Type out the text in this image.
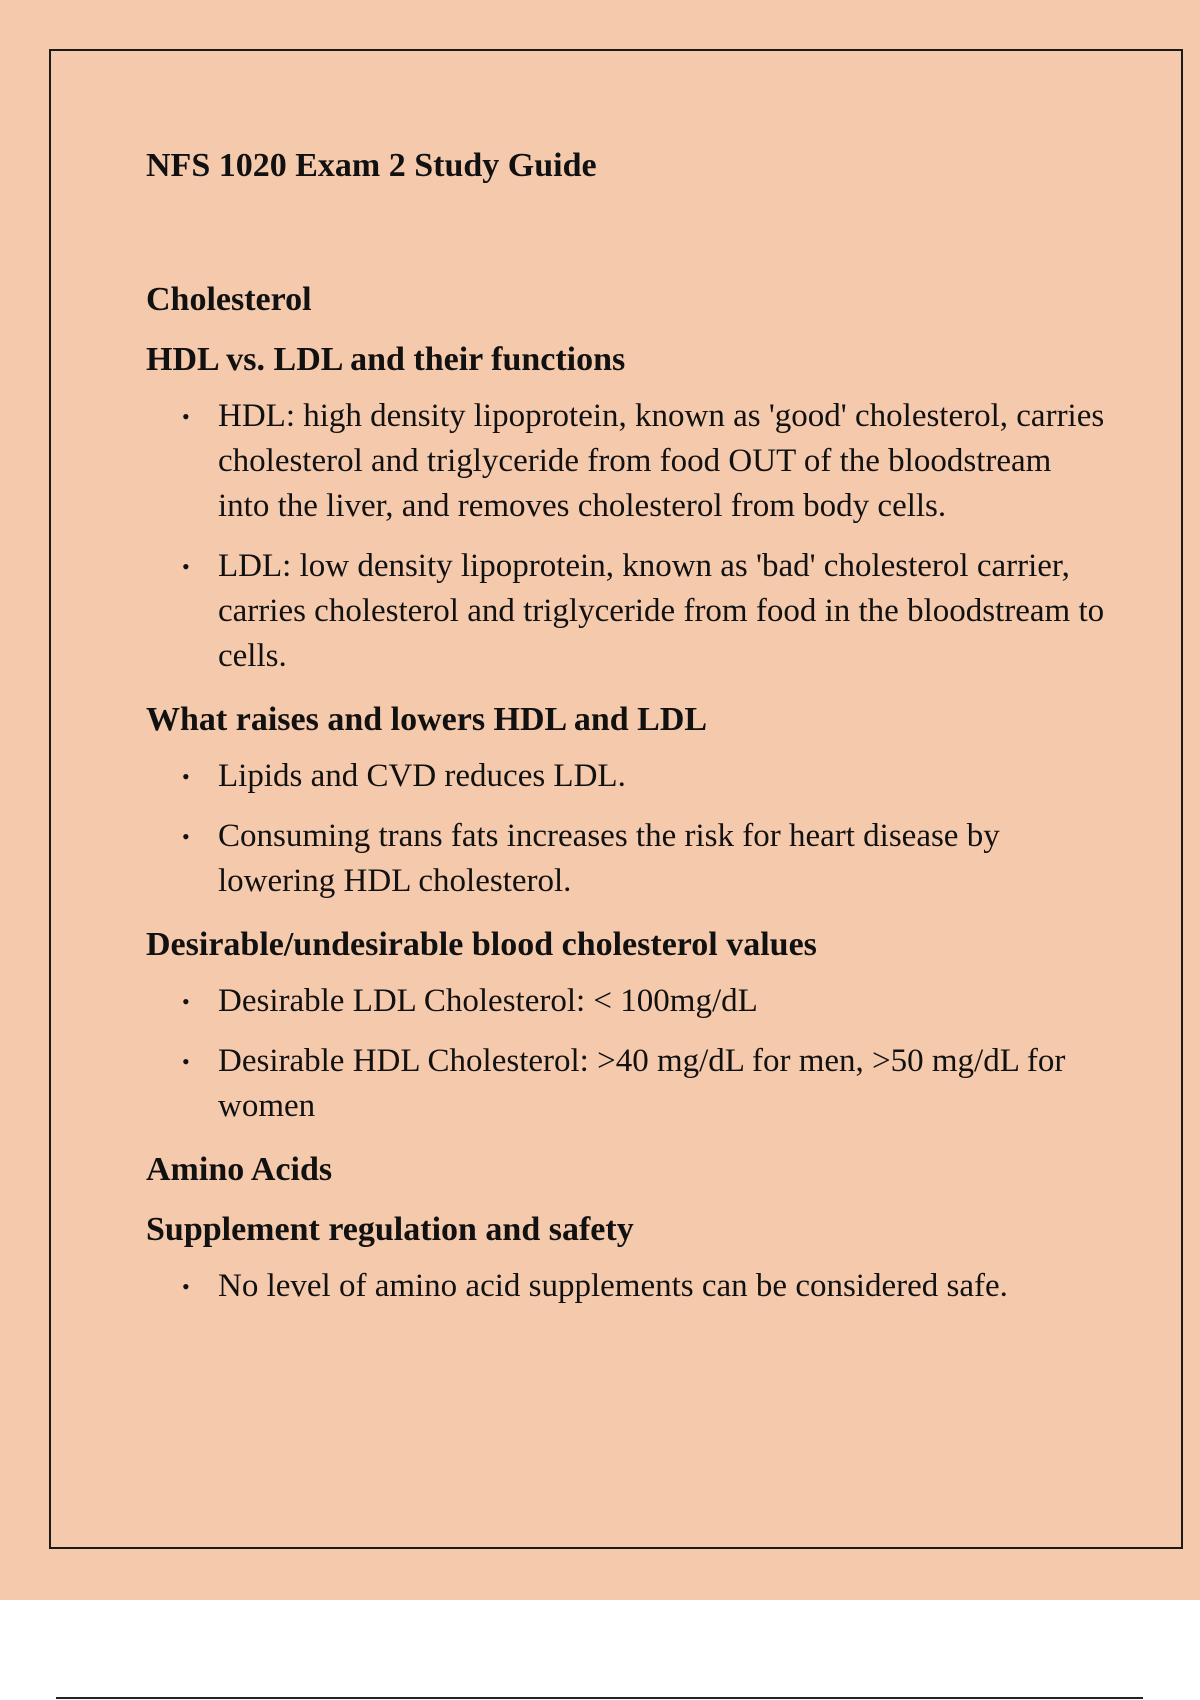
NFS 1020 Exam 2 Study Guide
Cholesterol
HDL vs. LDL and their functions
• HDL: high density lipoprotein, known as 'good' cholesterol, carries cholesterol and triglyceride from food OUT of the bloodstream into the liver, and removes cholesterol from body cells.
• LDL: low density lipoprotein, known as 'bad' cholesterol carrier, carries cholesterol and triglyceride from food in the bloodstream to cells.
What raises and lowers HDL and LDL
• Lipids and CVD reduces LDL.
• Consuming trans fats increases the risk for heart disease by lowering HDL cholesterol.
Desirable/undesirable blood cholesterol values
• Desirable LDL Cholesterol: < 100mg/dL
• Desirable HDL Cholesterol: >40 mg/dL for men, >50 mg/dL for women
Amino Acids
Supplement regulation and safety
• No level of amino acid supplements can be considered safe.
